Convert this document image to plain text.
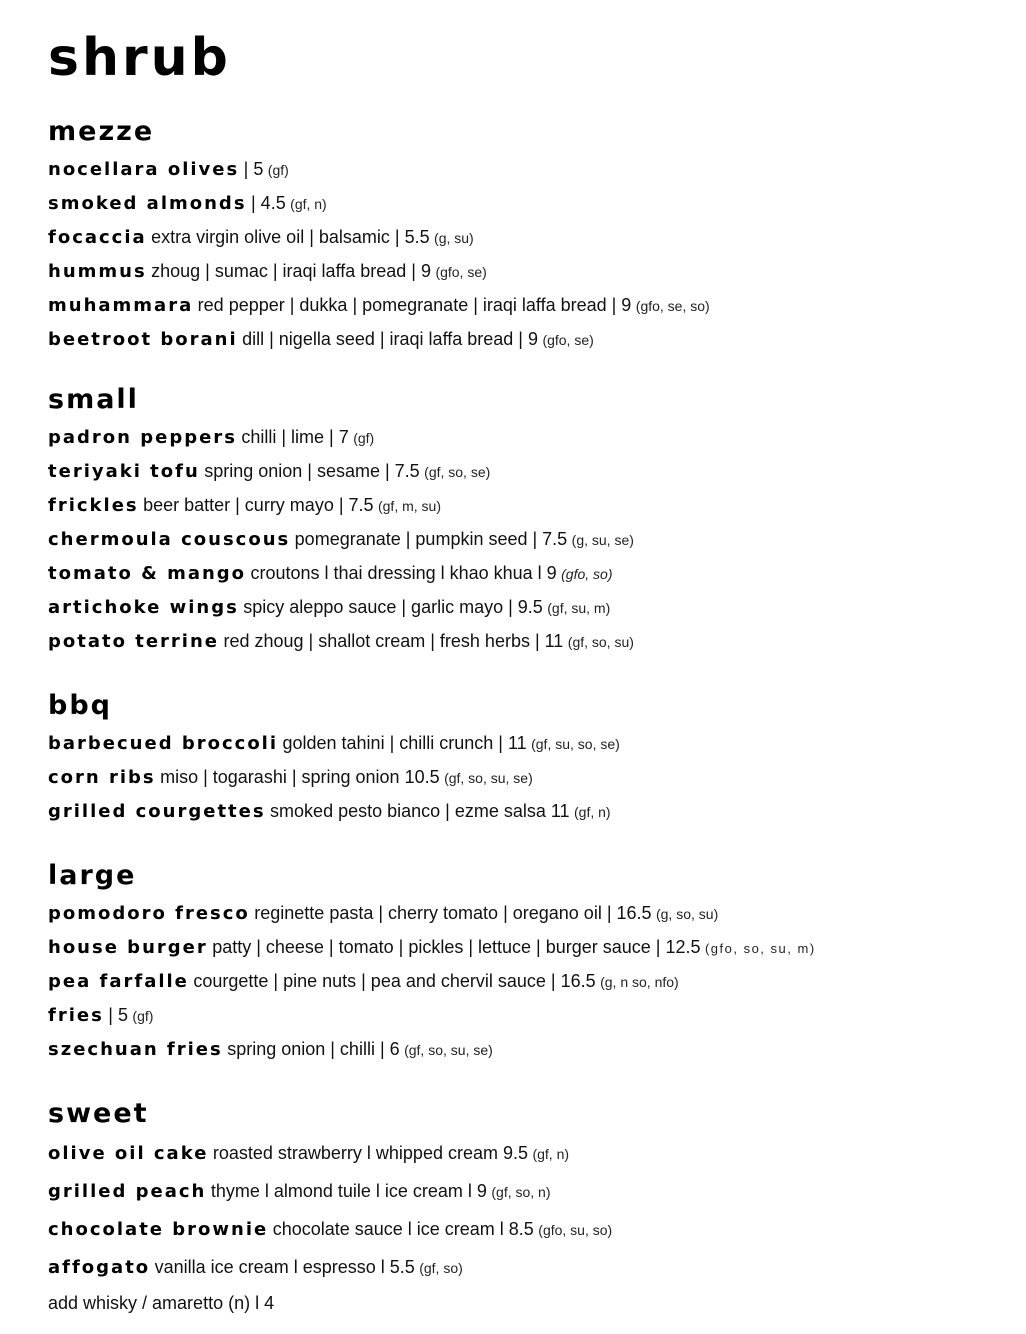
shrub
mezze
nocellara olives | 5 (gf)
smoked almonds | 4.5 (gf, n)
focaccia extra virgin olive oil | balsamic | 5.5 (g, su)
hummus zhoug | sumac | iraqi laffa bread | 9 (gfo, se)
muhammara red pepper | dukka | pomegranate | iraqi laffa bread | 9 (gfo, se, so)
beetroot borani dill | nigella seed | iraqi laffa bread | 9 (gfo, se)
small
padron peppers chilli | lime | 7 (gf)
teriyaki tofu spring onion | sesame | 7.5 (gf, so, se)
frickles beer batter | curry mayo | 7.5 (gf, m, su)
chermoula couscous pomegranate | pumpkin seed | 7.5 (g, su, se)
tomato & mango croutons l thai dressing l khao khua l 9 (gfo, so)
artichoke wings spicy aleppo sauce | garlic mayo | 9.5 (gf, su, m)
potato terrine red zhoug | shallot cream | fresh herbs | 11 (gf, so, su)
bbq
barbecued broccoli golden tahini | chilli crunch | 11 (gf, su, so, se)
corn ribs miso | togarashi | spring onion 10.5 (gf, so, su, se)
grilled courgettes smoked pesto bianco | ezme salsa 11 (gf, n)
large
pomodoro fresco reginette pasta | cherry tomato | oregano oil | 16.5 (g, so, su)
house burger patty | cheese | tomato | pickles | lettuce | burger sauce | 12.5 (gfo, so, su, m)
pea farfalle courgette | pine nuts | pea and chervil sauce | 16.5 (g, n so, nfo)
fries | 5 (gf)
szechuan fries spring onion | chilli | 6 (gf, so, su, se)
sweet
olive oil cake roasted strawberry l whipped cream 9.5 (gf, n)
grilled peach thyme l almond tuile l ice cream l 9 (gf, so, n)
chocolate brownie chocolate sauce l ice cream l 8.5 (gfo, su, so)
affogato vanilla ice cream l espresso l 5.5 (gf, so)
add whisky / amaretto (n) l 4
